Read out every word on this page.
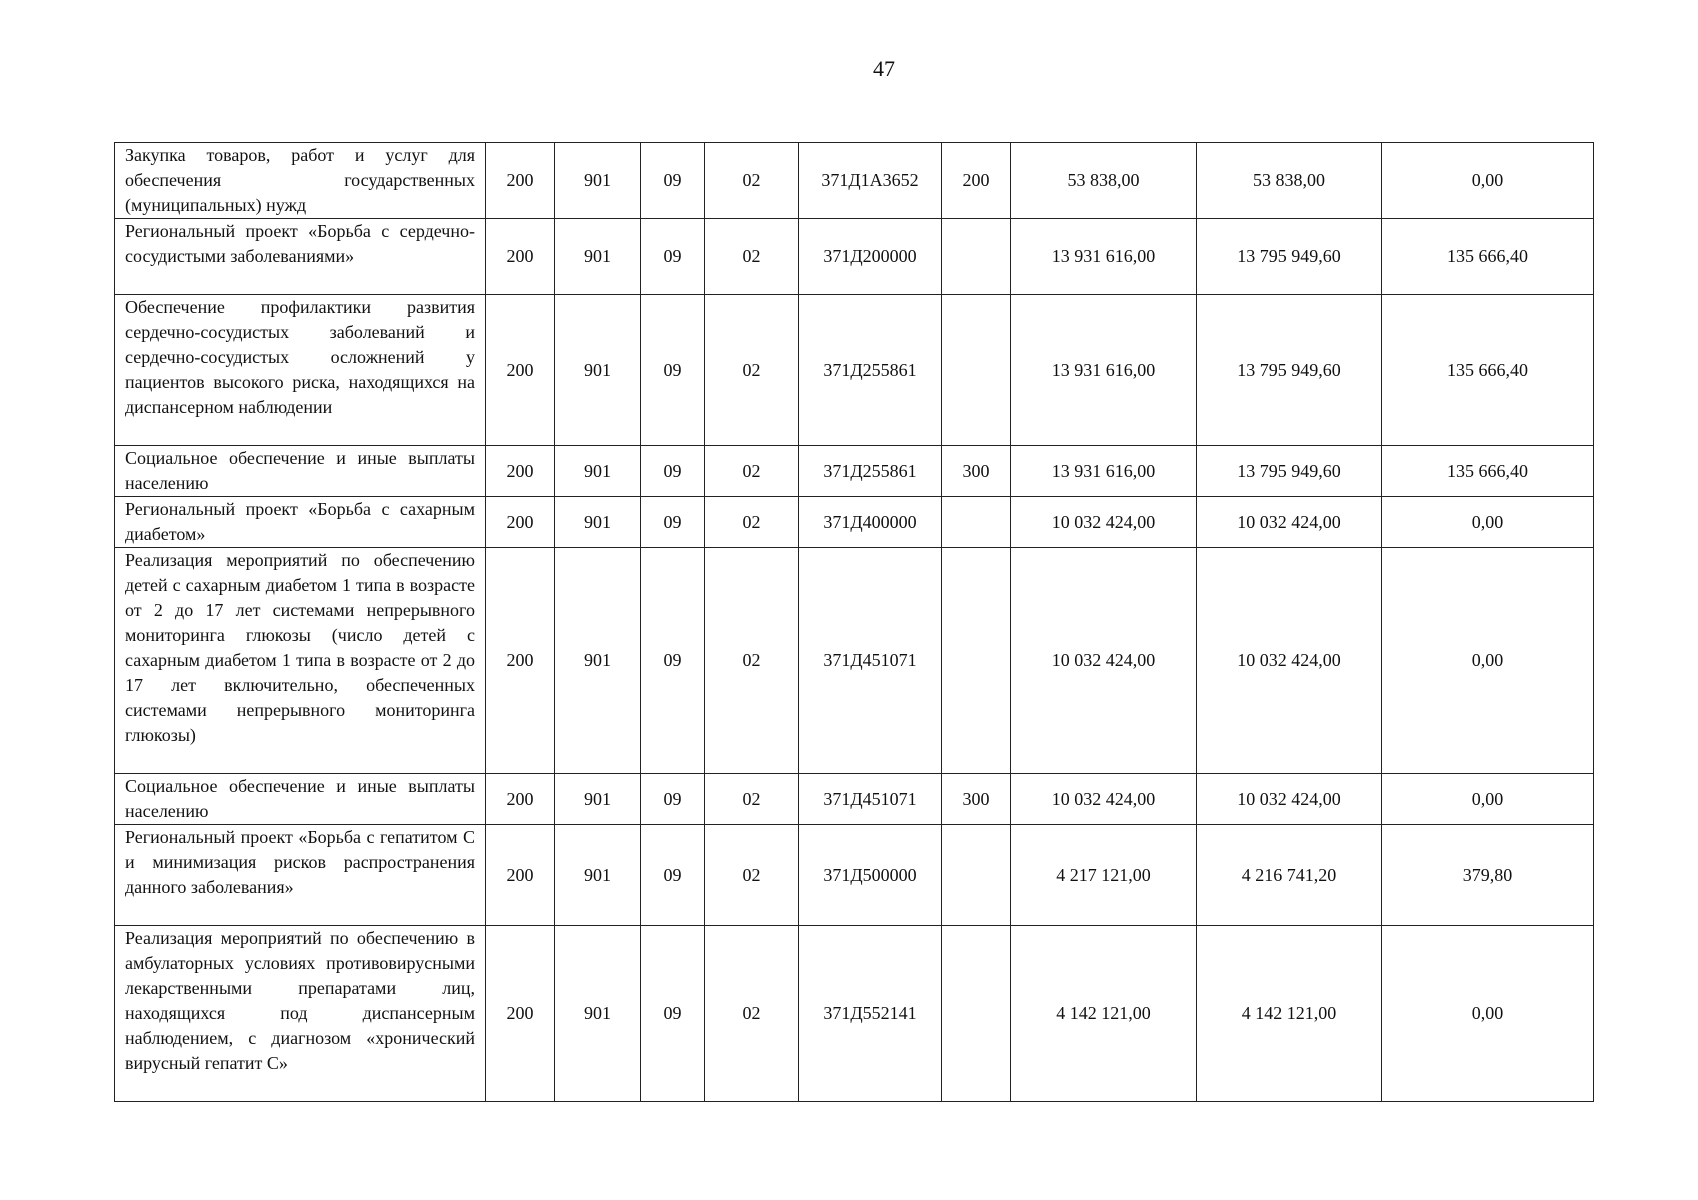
47
Закупка товаров, работ и услуг для обеспечения государственных (муниципальных) нужд	200	901	09	02	371Д1А3652	200	53 838,00	53 838,00	0,00
Региональный проект «Борьба с сердечно-сосудистыми заболеваниями»	200	901	09	02	371Д200000		13 931 616,00	13 795 949,60	135 666,40
Обеспечение профилактики развития сердечно-сосудистых заболеваний и сердечно-сосудистых осложнений у пациентов высокого риска, находящихся на диспансерном наблюдении	200	901	09	02	371Д255861		13 931 616,00	13 795 949,60	135 666,40
Социальное обеспечение и иные выплаты населению	200	901	09	02	371Д255861	300	13 931 616,00	13 795 949,60	135 666,40
Региональный проект «Борьба с сахарным диабетом»	200	901	09	02	371Д400000		10 032 424,00	10 032 424,00	0,00
Реализация мероприятий по обеспечению детей с сахарным диабетом 1 типа в возрасте от 2 до 17 лет системами непрерывного мониторинга глюкозы (число детей с сахарным диабетом 1 типа в возрасте от 2 до 17 лет включительно, обеспеченных системами непрерывного мониторинга глюкозы)	200	901	09	02	371Д451071		10 032 424,00	10 032 424,00	0,00
Социальное обеспечение и иные выплаты населению	200	901	09	02	371Д451071	300	10 032 424,00	10 032 424,00	0,00
Региональный проект «Борьба с гепатитом С и минимизация рисков распространения данного заболевания»	200	901	09	02	371Д500000		4 217 121,00	4 216 741,20	379,80
Реализация мероприятий по обеспечению в амбулаторных условиях противовирусными лекарственными препаратами лиц, находящихся под диспансерным наблюдением, с диагнозом «хронический вирусный гепатит С»	200	901	09	02	371Д552141		4 142 121,00	4 142 121,00	0,00
